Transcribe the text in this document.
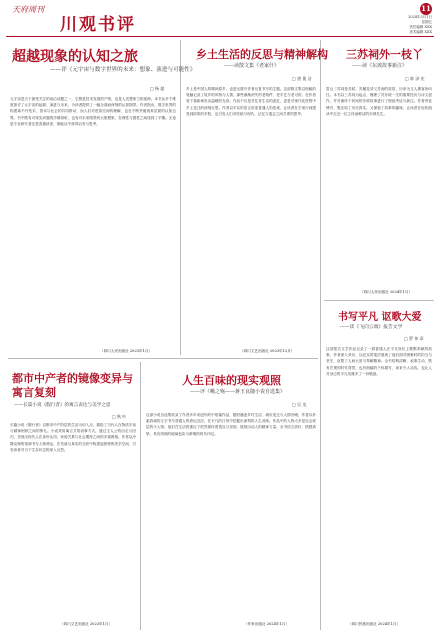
天府周刊
川观书评
11
2024年3月1日
星期五
责任编辑 XXX
美术编辑 XXX
超越现象的认知之旅
——评《元宇宙与数字世界的未来：想象、演进与可能性》
□ 杨 超
元宇宙是当下最受关注的前沿话题之一，它既是技术发展的产物，也是人类想象力的延伸。本书从多个维度探讨了元宇宙的起源、演进与未来，为读者提供了一幅全面而深刻的认知图景。作者指出，数字世界的构建离不开技术、资本与社会的共同推动，而人们对虚拟空间的理解，也在不断突破现象层面的认知边界。书中既有对现实问题的冷静剖析，也有对未来图景的大胆想象，在理性与感性之间找到了平衡。无论是专业研究者还是普通读者，都能从中获得启发与思考。
（四川人民出版社 2023年1月）
乡土生活的反思与精神解构
——读散文集《老家什》
□ 唐 俊 洁
乡土是中国人的精神原乡，也是无数写作者反复书写的主题。这部散文集以细腻的笔触记录了故乡的风物与人情，那些渐渐消失的老物件、老手艺与老习俗，在作者笔下重新焕发出温暖的光泽。作品不仅是对往昔生活的追忆，更是对现代化进程中乡土变迁的深刻反思。作者以平实的语言讲述普通人的悲欢，让读者在字里行间感受到浓浓的乡愁，也引发人们对传统与现代、记忆与遗忘之间关系的思考。
（四川文艺出版社 2023年12月）
三苏祠外一枝丫
——读《东坡故事新注》
□ 陈 泽 宏
眉山三苏祠是苏轼、苏辙及其父苏洵的故居，历来为文人墨客所向往。本书以三苏祠为起点，梳理了苏东坡一生的重要经历与诗文创作，并对流传于民间的东坡故事进行了细致考证与新注。作者旁征博引，既还原了历史真实，又保留了故事的趣味，让读者在轻松阅读中走近一位立体而鲜活的东坡先生。
（四川人民出版社 2024年1月）
都市中产者的镜像变异与寓言复刻
——长篇小说《假行者》的寓言表达与美学之思
□ 秋 叶
长篇小说《假行者》以都市中产阶层的生活为切入点，描绘了当代人在物质丰裕与精神困顿之间的挣扎。小说采用寓言式的叙事方式，通过主人公的出走与回归，呈现出现代人在身份认同、家庭关系与社会期待之间的多重困境。作者以冷静克制的笔调书写人物命运，在荒诞与真实的交织中构建起独特的美学空间，引发读者对当下生存状态的深入反思。
（四川文艺出版社 2023年1月）
人生百味的现实观照
——评《峨之殇——蒋玉良随小说自选集》
□ 吴 龙
这部小说自选集收录了作者多年来创作的中短篇作品，题材涵盖乡村生活、城市变迁与人情冷暖。作者以朴素真诚的文字书写普通人的命运沉浮，在平凡的日常中挖掘出深刻的人生况味。作品中的人物大多是社会底层的小人物，他们在生活的重压下依然保持着善良与坚韧，展现出动人的精神力量。全书语言质朴、情感真挚，具有浓郁的地域色彩与鲜明的时代印记。
（作家出版社 2024年1月）
书写平凡 讴歌大爱
——读《飞向云端》报告文学
□ 罗 伟 章
这部报告文学作品记录了一群普通人在平凡岗位上默默奉献的故事。作者深入采访，以纪实的笔法展现了他们面对困难时的担当与坚守，讴歌了人间大爱与奉献精神。全书结构清晰、叙事生动，既有宏观的时代背景，也有细腻的个体描写，读来令人动容，也让人对身边的平凡英雄多了一份敬意。
（四川民族出版社 2024年1月）
